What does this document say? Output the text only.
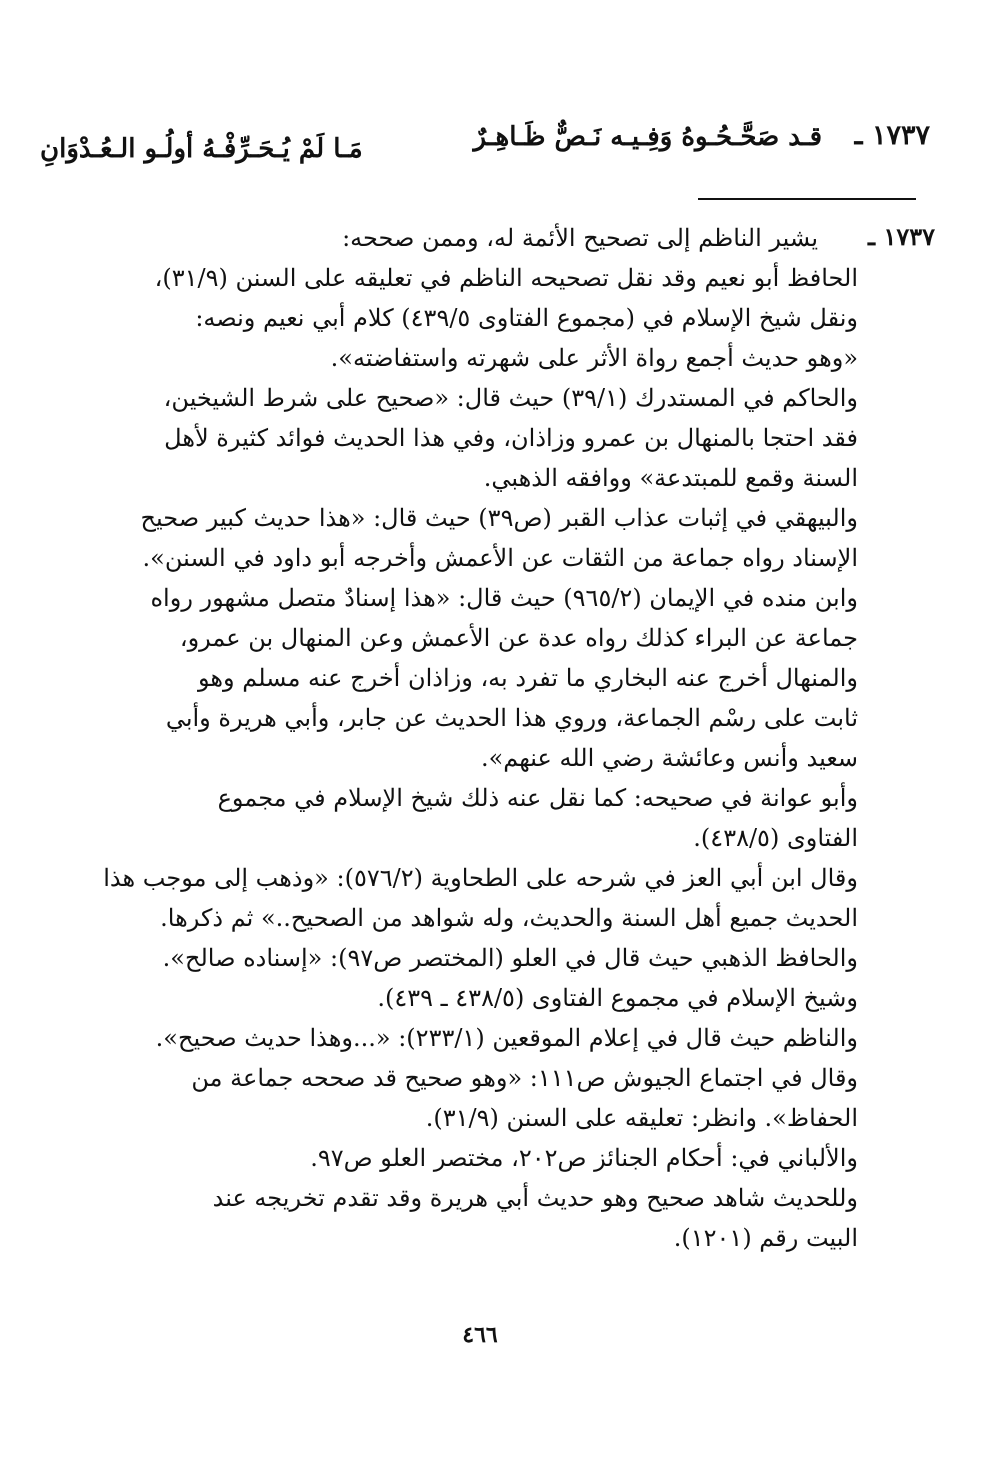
١٧٣٧ ـ
قـد صَحَّـحُـوهُ وَفِـيـه نَـصٌّ ظَـاهِـرٌ
مَـا لَمْ يُـحَـرِّفْـهُ أولُـو الـعُـدْوَانِ
١٧٣٧ ـ
يشير الناظم إلى تصحيح الأئمة له، وممن صححه:
الحافظ أبو نعيم وقد نقل تصحيحه الناظم في تعليقه على السنن (٣١/٩)،
ونقل شيخ الإسلام في (مجموع الفتاوى ٤٣٩/٥) كلام أبي نعيم ونصه:
«وهو حديث أجمع رواة الأثر على شهرته واستفاضته».
والحاكم في المستدرك (٣٩/١) حيث قال: «صحيح على شرط الشيخين،
فقد احتجا بالمنهال بن عمرو وزاذان، وفي هذا الحديث فوائد كثيرة لأهل
السنة وقمع للمبتدعة» ووافقه الذهبي.
والبيهقي في إثبات عذاب القبر (ص٣٩) حيث قال: «هذا حديث كبير صحيح
الإسناد رواه جماعة من الثقات عن الأعمش وأخرجه أبو داود في السنن».
وابن منده في الإيمان (٩٦٥/٢) حيث قال: «هذا إسنادٌ متصل مشهور رواه
جماعة عن البراء كذلك رواه عدة عن الأعمش وعن المنهال بن عمرو،
والمنهال أخرج عنه البخاري ما تفرد به، وزاذان أخرج عنه مسلم وهو
ثابت على رسْم الجماعة، وروي هذا الحديث عن جابر، وأبي هريرة وأبي
سعيد وأنس وعائشة رضي الله عنهم».
وأبو عوانة في صحيحه: كما نقل عنه ذلك شيخ الإسلام في مجموع
الفتاوى (٤٣٨/٥).
وقال ابن أبي العز في شرحه على الطحاوية (٥٧٦/٢): «وذهب إلى موجب هذا
الحديث جميع أهل السنة والحديث، وله شواهد من الصحيح..» ثم ذكرها.
والحافظ الذهبي حيث قال في العلو (المختصر ص٩٧): «إسناده صالح».
وشيخ الإسلام في مجموع الفتاوى (٤٣٨/٥ ـ ٤٣٩).
والناظم حيث قال في إعلام الموقعين (٢٣٣/١): «...وهذا حديث صحيح».
وقال في اجتماع الجيوش ص١١١: «وهو صحيح قد صححه جماعة من
الحفاظ». وانظر: تعليقه على السنن (٣١/٩).
والألباني في: أحكام الجنائز ص٢٠٢، مختصر العلو ص٩٧.
وللحديث شاهد صحيح وهو حديث أبي هريرة وقد تقدم تخريجه عند
البيت رقم (١٢٠١).
٤٦٦
